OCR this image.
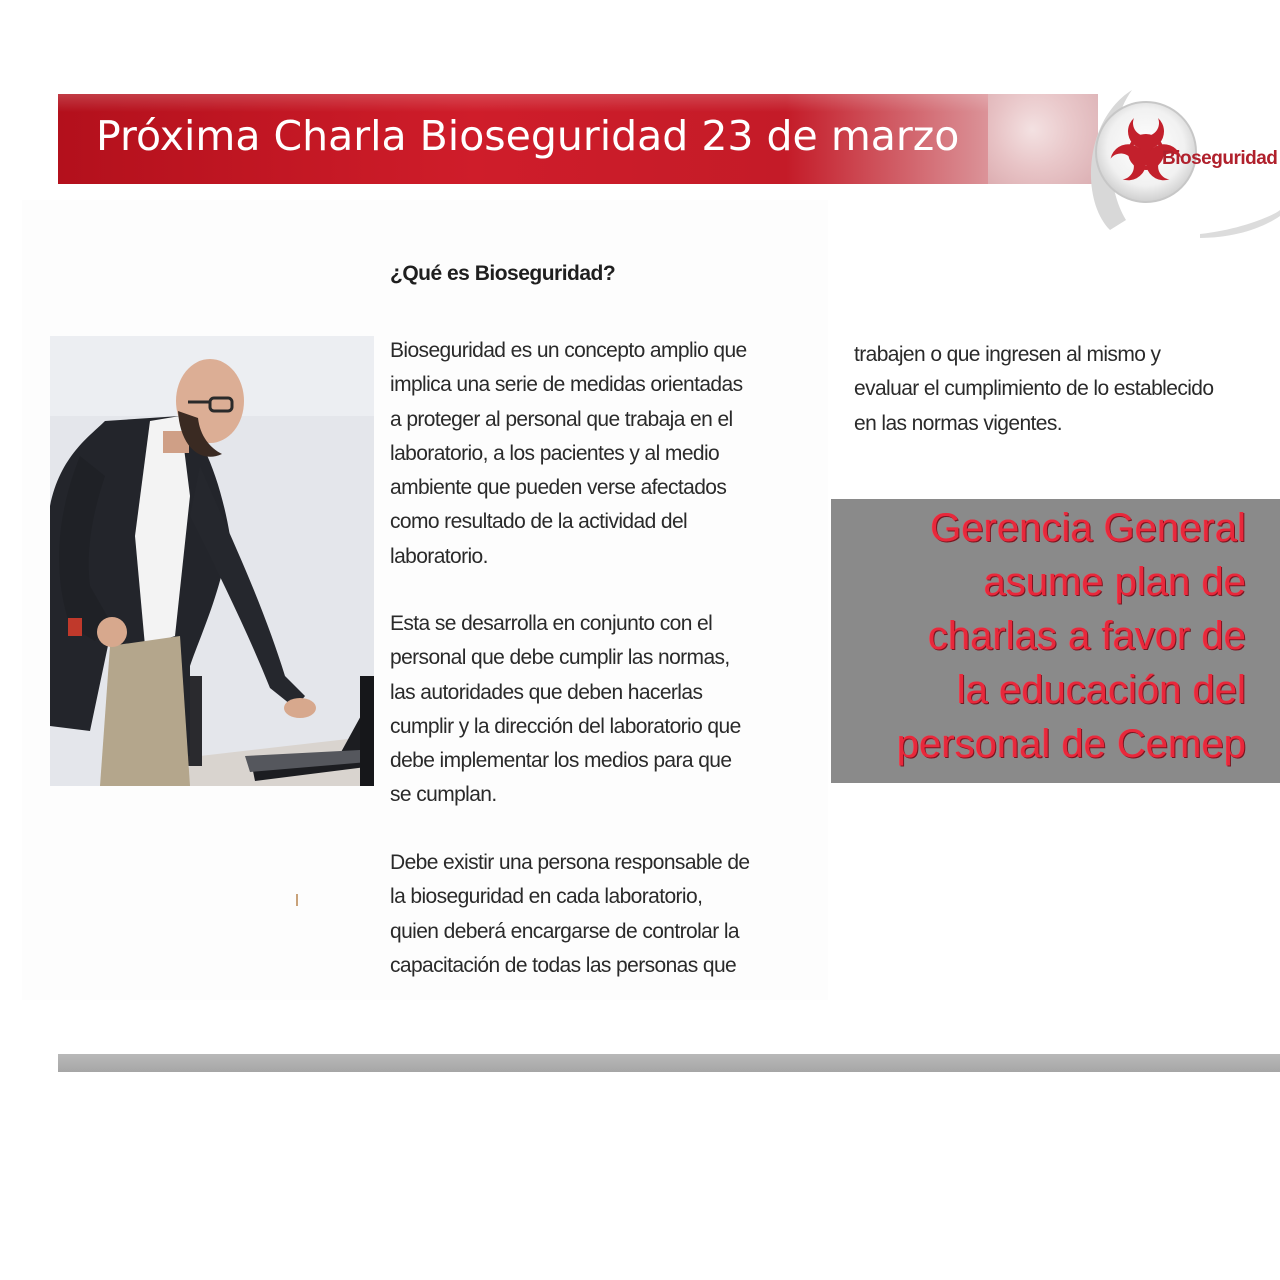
Próxima Charla Bioseguridad 23 de marzo	Bioseguridad
¿Qué es Bioseguridad?
Bioseguridad es un concepto amplio que
implica una serie de medidas orientadas
a proteger al personal que trabaja en el
laboratorio, a los pacientes y al medio
ambiente que pueden verse afectados
como resultado de la actividad del
laboratorio.
Esta se desarrolla en conjunto con el
personal que debe cumplir las normas,
las autoridades que deben hacerlas
cumplir y la dirección del laboratorio que
debe implementar los medios para que
se cumplan.
Debe existir una persona responsable de
la bioseguridad en cada laboratorio,
quien deberá encargarse de controlar la
capacitación de todas las personas que
trabajen o que ingresen al mismo y
evaluar el cumplimiento de lo establecido
en las normas vigentes.
Gerencia General
asume plan de
charlas a favor de
la educación del
personal de Cemep
